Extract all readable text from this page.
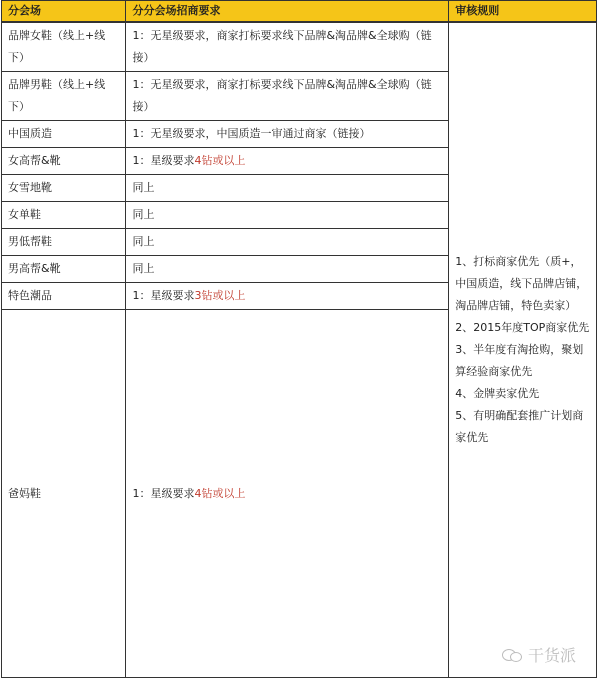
分会场	分分会场招商要求	审核规则
品牌女鞋（线上+线下）	1：无星级要求，商家打标要求线下品牌&淘品牌&全球购（链接）	1、打标商家优先（质+，中国质造，线下品牌店铺，淘品牌店铺，特色卖家）
2、2015年度TOP商家优先
3、半年度有淘抢购，聚划算经验商家优先
4、金牌卖家优先
5、有明确配套推广计划商家优先

品牌男鞋（线上+线下）	1：无星级要求，商家打标要求线下品牌&淘品牌&全球购（链接）	
中国质造	1：无星级要求，中国质造一审通过商家（链接）	
女高帮&靴	1：星级要求4钻或以上	
女雪地靴	同上	
女单鞋	同上	
男低帮鞋	同上	
男高帮&靴	同上	
特色潮品	1：星级要求3钻或以上	
爸妈鞋	1：星级要求4钻或以上	
干货派
